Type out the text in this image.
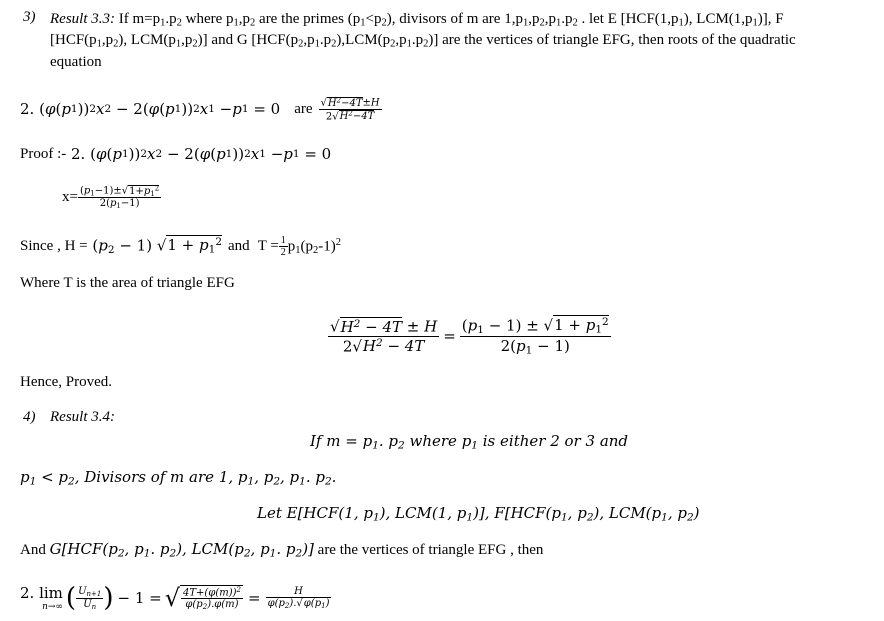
3) Result 3.3: If $m=p_1.p_2$ where $p_1,p_2$ are the primes $(p_1<p_2)$, divisors of m are $1,p_1,p_2,p_1.p_2$ . let E [$HCF(1,p_1)$, $LCM(1,p_1)$], F
[$HCF(p_1,p_2)$, $LCM(p_1,p_2)$] and G $[HCF(p_2,p_1.p_2),LCM(p_2,p_1.p_2)]$ are the vertices of triangle EFG, then roots of the quadratic
equation
2. ( φ ( p 1 )) 2 x 2 − 2( φ ( p 1 )) 2 x 1 − p 1 = 0 are $\frac{√H^2-4T\pm H}{2√H^2-4T}$
Proof :- 2. ( φ ( p 1 )) 2 x 2 − 2( φ ( p 1 )) 2 x 1 − p 1 = 0
$x= \frac{(p_1-1)\pm√1+p_1^2}{2(p_1-1)}$
Since , $H = (p_2 - 1) √1 + p_1^2$ and $T = \frac{1}{2} p_1(p_2-1)^2$
Where T is the area of triangle EFG
$\frac{√H^2 - 4T \pm H}{2√H^2 - 4T} = \frac{(p_1 - 1) \pm √1 + p_1^2}{2(p_1 - 1)}$
Hence, Proved.
4) Result 3.4:
If $m = p_1$. $p_2$ where $p_1$ is either 2 or 3 and
$p_1 < p_2$, Divisors of m are 1, $p_1$, $p_2$, $p_1$. $p_2$.
Let E[HCF(1, $p_1$), LCM(1, $p_1$)], $F[HCF(p_1$, $p_2$), $LCM(p_1$, $p_2$)
And $G[HCF(p_2$, $p_1$. $p_2$), $LCM(p_2$, $p_1$. $p_2$)] are the vertices of triangle EFG , then
2. lim
n→∞ ( $\frac{U_{n+1}}{U_n}$ ) − 1 = √ $\frac{4T+(\varphi(m))^2}{\varphi(p_2).\varphi(m)} = \frac{H}{\varphi(p_2).√\varphi(p_1)}$
